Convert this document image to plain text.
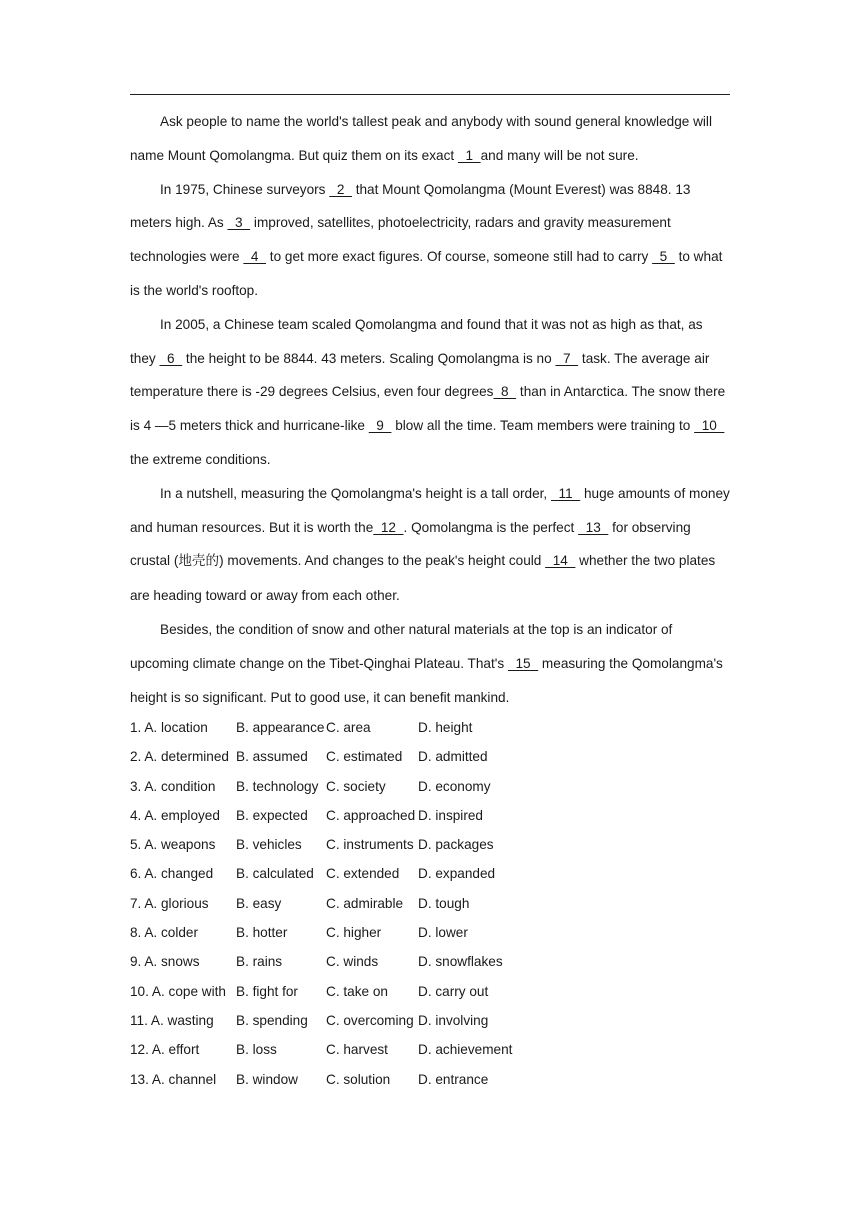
Ask people to name the world's tallest peak and anybody with sound general knowledge will name Mount Qomolangma. But quiz them on its exact   1  and many will be not sure.

In 1975, Chinese surveyors   2   that Mount Qomolangma (Mount Everest) was 8848. 13 meters high. As   3   improved, satellites, photoelectricity, radars and gravity measurement technologies were   4   to get more exact figures. Of course, someone still had to carry   5   to what is the world's rooftop.

In 2005, a Chinese team scaled Qomolangma and found that it was not as high as that, as they   6   the height to be 8844. 43 meters. Scaling Qomolangma is no   7   task. The average air temperature there is -29 degrees Celsius, even four degrees  8   than in Antarctica. The snow there is 4 —5 meters thick and hurricane-like   9   blow all the time. Team members were training to   10  the extreme conditions.

In a nutshell, measuring the Qomolangma's height is a tall order,   11   huge amounts of money and human resources. But it is worth the  12  . Qomolangma is the perfect   13   for observing crustal (地壳的) movements. And changes to the peak's height could   14   whether the two plates are heading toward or away from each other.

Besides, the condition of snow and other natural materials at the top is an indicator of upcoming climate change on the Tibet-Qinghai Plateau. That's   15   measuring the Qomolangma's height is so significant. Put to good use, it can benefit mankind.

1. A. location	B. appearance C. area	D. height
2. A. determined B. assumed	C. estimated	D. admitted
3. A. condition	B. technology C. society	D. economy
4. A. employed	B. expected	C. approached D. inspired
5. A. weapons	B. vehicles	C. instruments D. packages
6. A. changed	B. calculated C. extended	D. expanded
7. A. glorious	B. easy	C. admirable	D. tough
8. A. colder	B. hotter	C. higher	D. lower
9. A. snows	B. rains	C. winds	D. snowflakes
10. A. cope with B. fight for	C. take on	D. carry out
11. A. wasting	B. spending	C. overcoming D. involving
12. A. effort	B. loss	C. harvest	D. achievement
13. A. channel	B. window	C. solution	D. entrance
